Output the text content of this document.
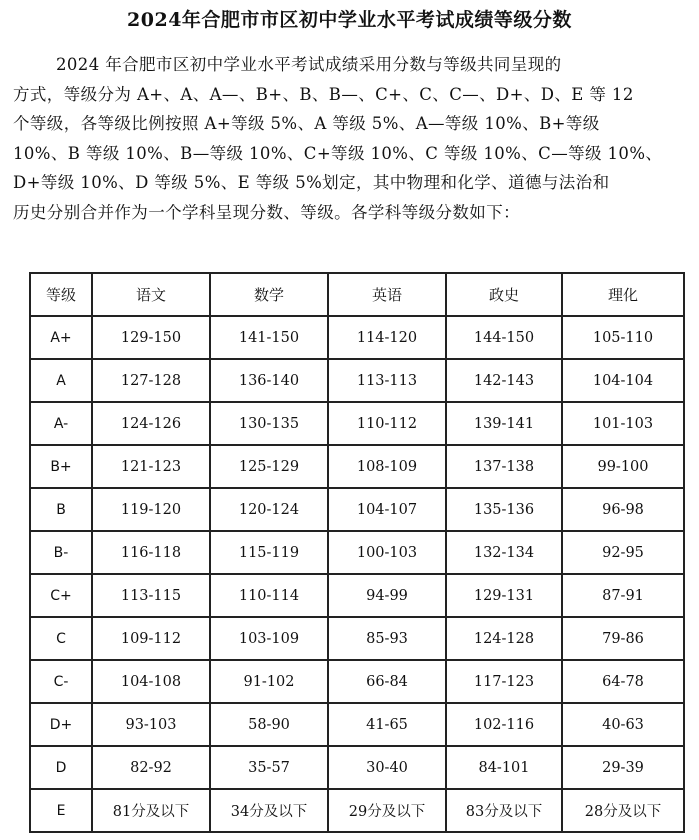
2024年合肥市市区初中学业水平考试成绩等级分数
2024 年合肥市区初中学业水平考试成绩采用分数与等级共同呈现的
方式，等级分为 A+、A、A—、B+、B、B—、C+、C、C—、D+、D、E 等 12
个等级，各等级比例按照 A+等级 5%、A 等级 5%、A—等级 10%、B+等级
10%、B 等级 10%、B—等级 10%、C+等级 10%、C 等级 10%、C—等级 10%、
D+等级 10%、D 等级 5%、E 等级 5%划定，其中物理和化学、道德与法治和
历史分别合并作为一个学科呈现分数、等级。各学科等级分数如下：
等级	语文	数学	英语	政史	理化
A+	129-150	141-150	114-120	144-150	105-110
A	127-128	136-140	113-113	142-143	104-104
A-	124-126	130-135	110-112	139-141	101-103
B+	121-123	125-129	108-109	137-138	99-100
B	119-120	120-124	104-107	135-136	96-98
B-	116-118	115-119	100-103	132-134	92-95
C+	113-115	110-114	94-99	129-131	87-91
C	109-112	103-109	85-93	124-128	79-86
C-	104-108	91-102	66-84	117-123	64-78
D+	93-103	58-90	41-65	102-116	40-63
D	82-92	35-57	30-40	84-101	29-39
E	81分及以下	34分及以下	29分及以下	83分及以下	28分及以下
